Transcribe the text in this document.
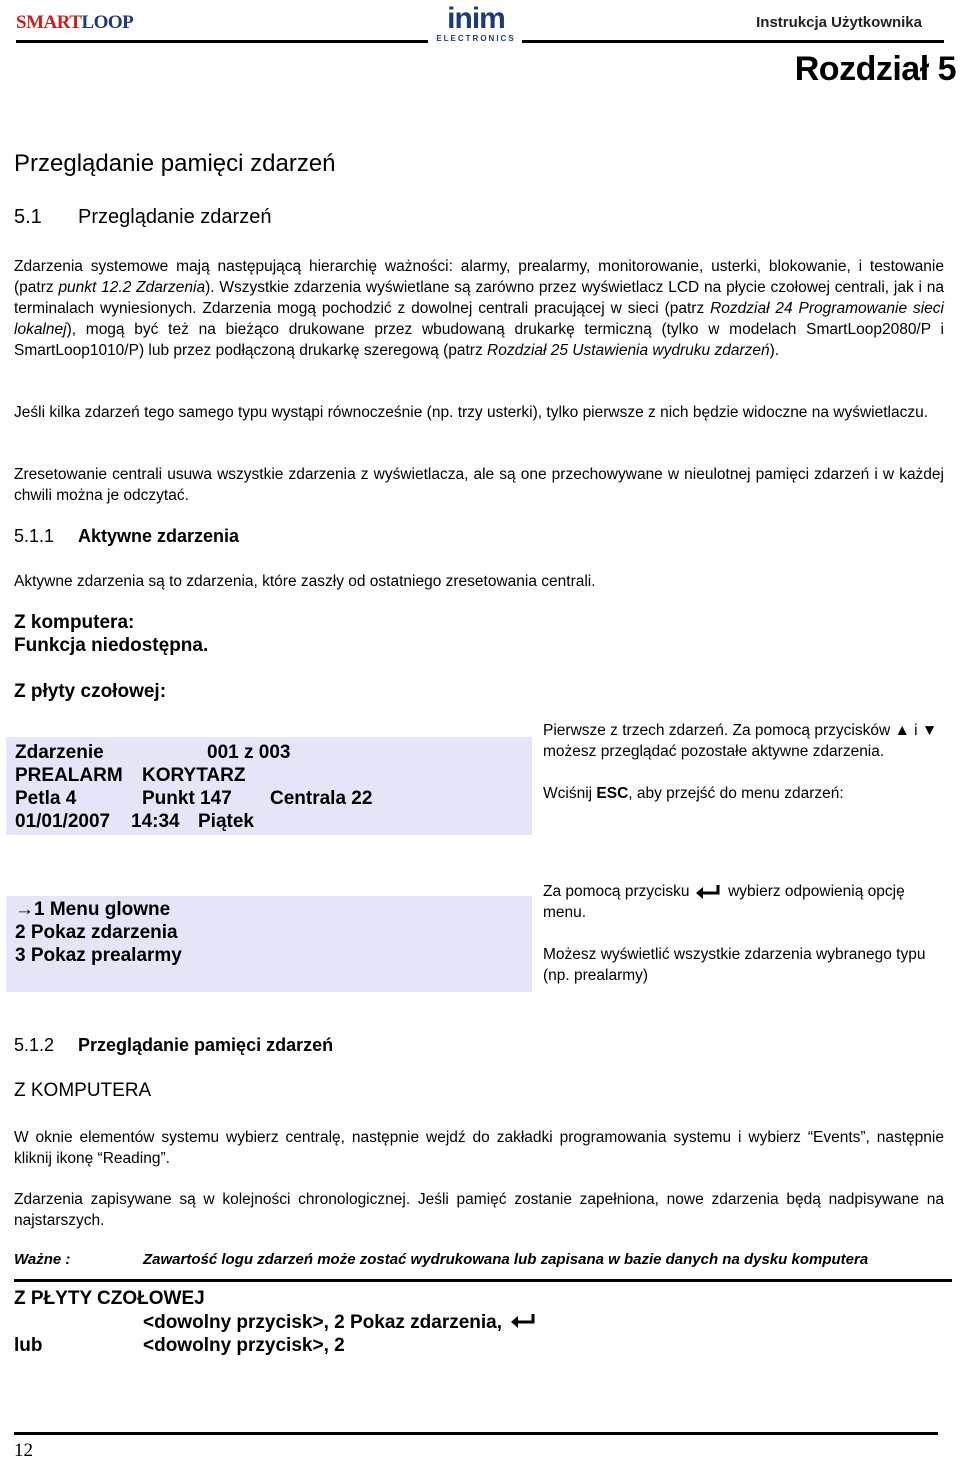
SMARTLOOP	inim
ELECTRONICS
Instrukcja Użytkownika
Rozdział 5
Przeglądanie pamięci zdarzeń
5.1 Przeglądanie zdarzeń
Zdarzenia systemowe mają następującą hierarchię ważności: alarmy, prealarmy, monitorowanie, usterki, blokowanie, i testowanie (patrz punkt 12.2 Zdarzenia). Wszystkie zdarzenia wyświetlane są zarówno przez wyświetlacz LCD na płycie czołowej centrali, jak i na terminalach wyniesionych. Zdarzenia mogą pochodzić z dowolnej centrali pracującej w sieci (patrz Rozdział 24 Programowanie sieci lokalnej), mogą być też na bieżąco drukowane przez wbudowaną drukarkę termiczną (tylko w modelach SmartLoop2080/P i SmartLoop1010/P) lub przez podłączoną drukarkę szeregową (patrz Rozdział 25 Ustawienia wydruku zdarzeń).
Jeśli kilka zdarzeń tego samego typu wystąpi równocześnie (np. trzy usterki), tylko pierwsze z nich będzie widoczne na wyświetlaczu.
Zresetowanie centrali usuwa wszystkie zdarzenia z wyświetlacza, ale są one przechowywane w nieulotnej pamięci zdarzeń i w każdej chwili można je odczytać.
5.1.1 Aktywne zdarzenia
Aktywne zdarzenia są to zdarzenia, które zaszły od ostatniego zresetowania centrali.
Z komputera:
Funkcja niedostępna.
Z płyty czołowej:
Zdarzenie	001 z 003
PREALARM KORYTARZ
Petla 4	Punkt 147 Centrala 22
01/01/2007 14:34 Piątek

Pierwsze z trzech zdarzeń. Za pomocą przycisków ▲ i ▼ możesz przeglądać pozostałe aktywne zdarzenia.

Wciśnij ESC, aby przejść do menu zdarzeń:

→1 Menu glowne
2 Pokaz zdarzenia
3 Pokaz prealarmy

Za pomocą przycisku wybierz odpowienią opcję menu.

Możesz wyświetlić wszystkie zdarzenia wybranego typu (np. prealarmy)

5.1.2 Przeglądanie pamięci zdarzeń
Z KOMPUTERA
W oknie elementów systemu wybierz centralę, następnie wejdź do zakładki programowania systemu i wybierz “Events”, następnie kliknij ikonę “Reading”.
Zdarzenia zapisywane są w kolejności chronologicznej. Jeśli pamięć zostanie zapełniona, nowe zdarzenia będą nadpisywane na najstarszych.
Ważne :	Zawartość logu zdarzeń może zostać wydrukowana lub zapisana w bazie danych na dysku komputera
Z PŁYTY CZOŁOWEJ
<dowolny przycisk>, 2 Pokaz zdarzenia,
lub	<dowolny przycisk>, 2
12
